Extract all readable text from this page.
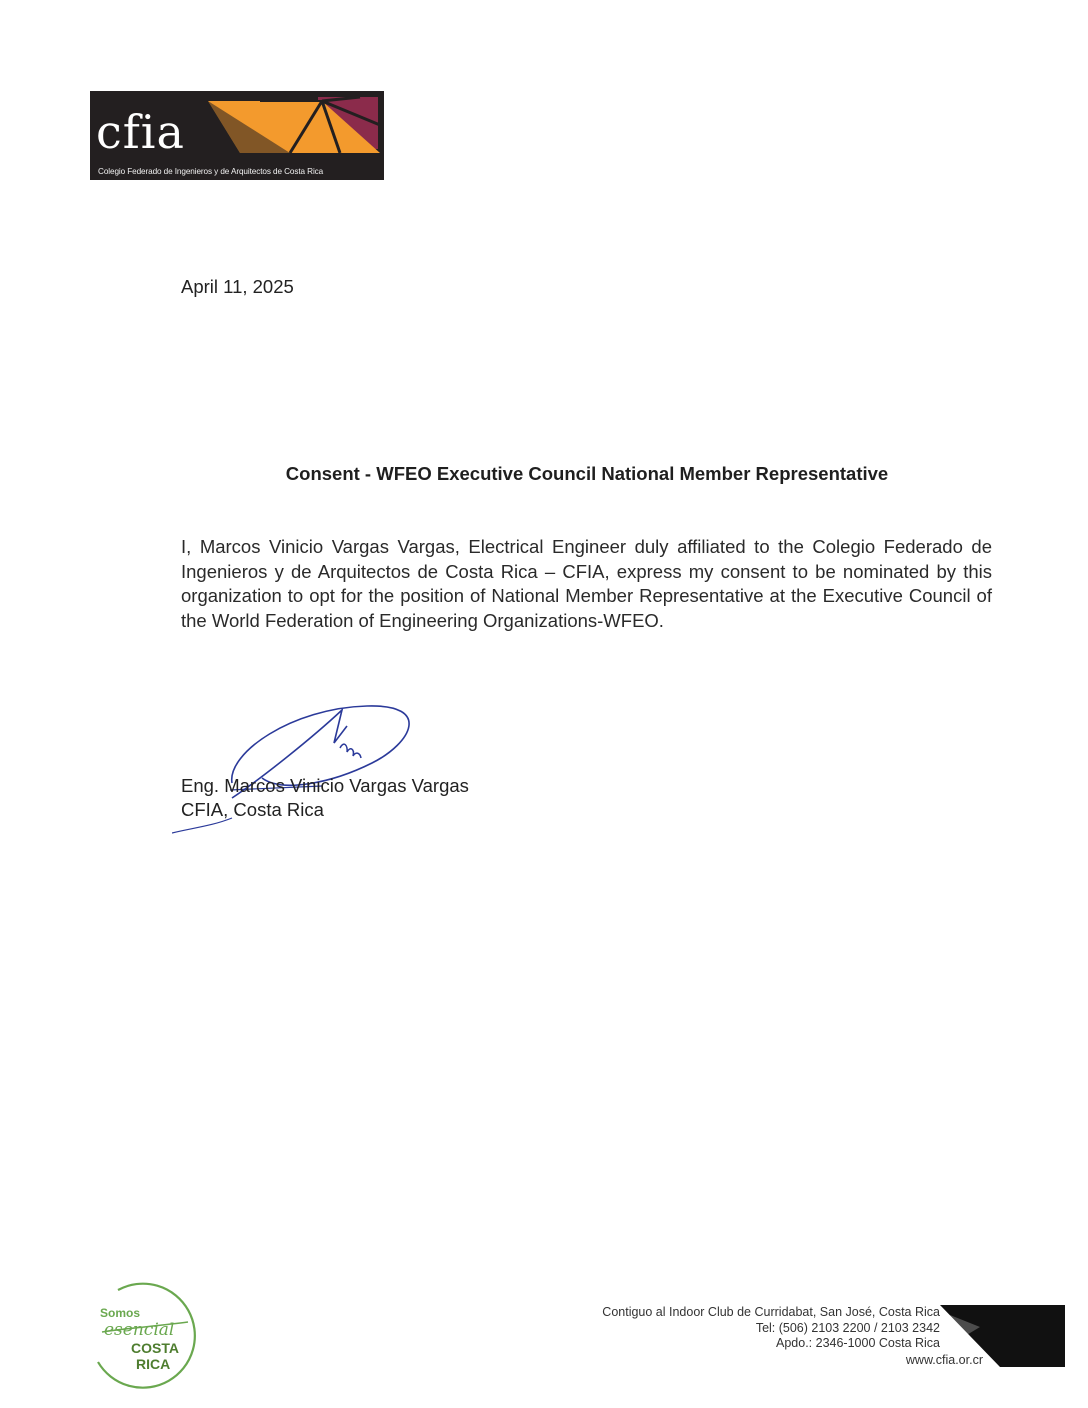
cfia
Colegio Federado de Ingenieros y de Arquitectos de Costa Rica
April 11, 2025
Consent - WFEO Executive Council National Member Representative

I, Marcos Vinicio Vargas Vargas, Electrical Engineer duly affiliated to the Colegio Federado de Ingenieros y de Arquitectos de Costa Rica – CFIA, express my consent to be nominated by this organization to opt for the position of National Member Representative at the Executive Council of the World Federation of Engineering Organizations-WFEO.

Eng. Marcos Vinicio Vargas Vargas
CFIA, Costa Rica
Somos
esencial
COSTA
RICA
Contiguo al Indoor Club de Curridabat, San José, Costa Rica
Tel: (506) 2103 2200 / 2103 2342
Apdo.: 2346-1000 Costa Rica
www.cfia.or.cr
